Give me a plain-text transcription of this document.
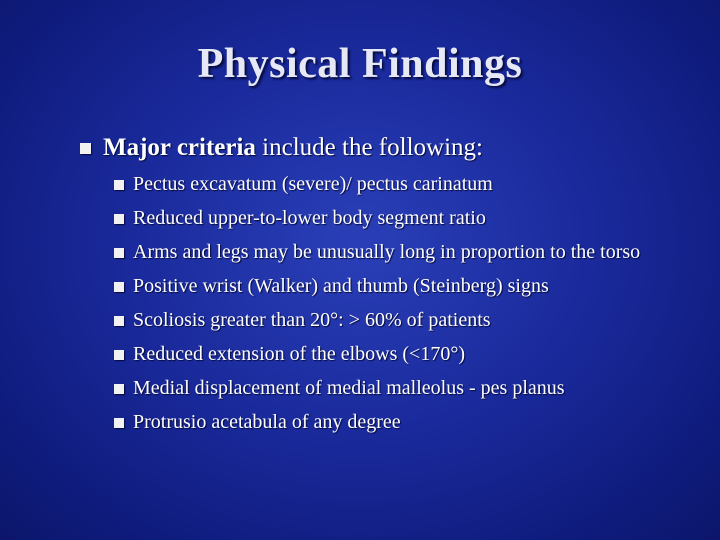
Physical Findings
Major criteria include the following:
Pectus excavatum (severe)/ pectus carinatum
Reduced upper-to-lower body segment ratio
Arms and legs may be unusually long in proportion to the torso
Positive wrist (Walker) and thumb (Steinberg) signs
Scoliosis greater than 20°: > 60% of patients
Reduced extension of the elbows (<170°)
Medial displacement of medial malleolus - pes planus
Protrusio acetabula of any degree
